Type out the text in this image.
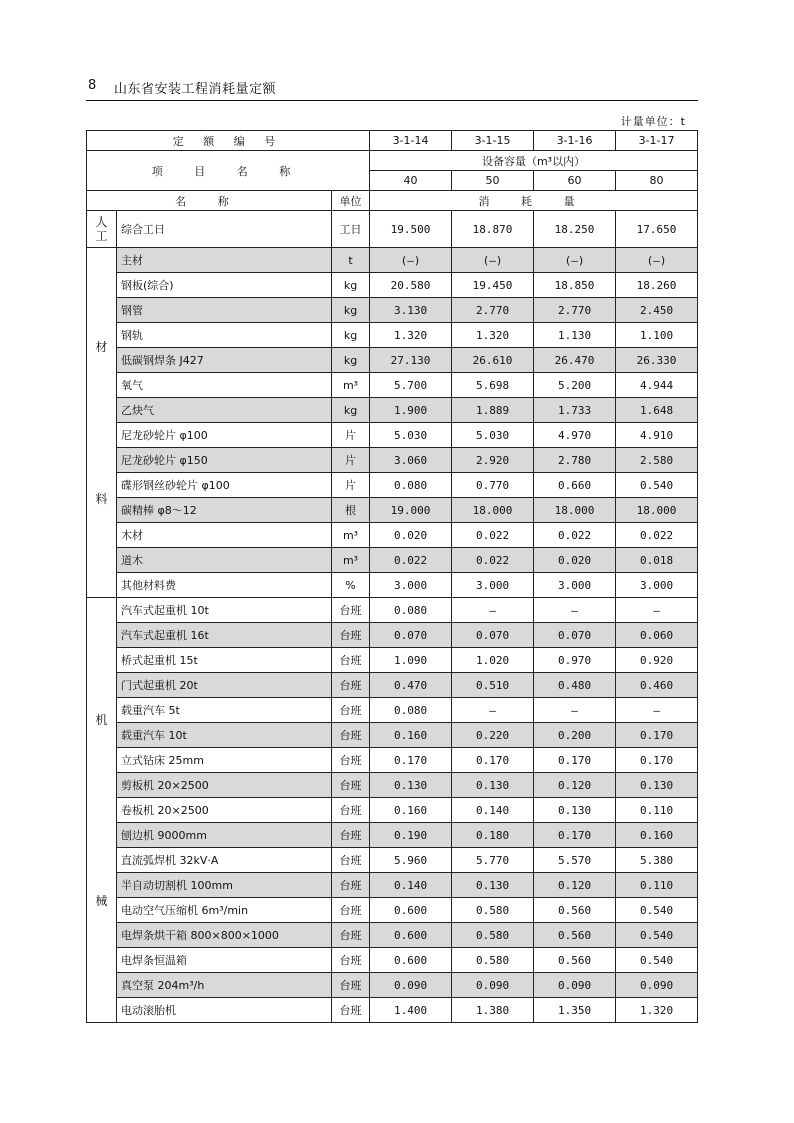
8 山东省安装工程消耗量定额
计量单位：t
定 额 编 号			3-1-14	3-1-15	3-1-16	3-1-17
项 目 名 称			设备容量（m³以内）			
			40	50	60	80
名 称		单位	消 耗 量			
人工	综合工日	工日	19.500	18.870	18.250	17.650

材
料	主材	t	(—)	(—)	(—)	(—)
	钢板(综合)	kg	20.580	19.450	18.850	18.260
	钢管	kg	3.130	2.770	2.770	2.450
	钢轨	kg	1.320	1.320	1.130	1.100
	低碳钢焊条 J427	kg	27.130	26.610	26.470	26.330
	氧气	m³	5.700	5.698	5.200	4.944
	乙炔气	kg	1.900	1.889	1.733	1.648
	尼龙砂轮片 φ100	片	5.030	5.030	4.970	4.910
	尼龙砂轮片 φ150	片	3.060	2.920	2.780	2.580
	碟形钢丝砂轮片 φ100	片	0.080	0.770	0.660	0.540
	碳精棒 φ8～12	根	19.000	18.000	18.000	18.000
	木材	m³	0.020	0.022	0.022	0.022
	道木	m³	0.022	0.022	0.020	0.018
	其他材料费	%	3.000	3.000	3.000	3.000

机
械	汽车式起重机 10t	台班	0.080	—	—	—
	汽车式起重机 16t	台班	0.070	0.070	0.070	0.060
	桥式起重机 15t	台班	1.090	1.020	0.970	0.920
	门式起重机 20t	台班	0.470	0.510	0.480	0.460
	载重汽车 5t	台班	0.080	—	—	—
	载重汽车 10t	台班	0.160	0.220	0.200	0.170
	立式钻床 25mm	台班	0.170	0.170	0.170	0.170
	剪板机 20×2500	台班	0.130	0.130	0.120	0.130
	卷板机 20×2500	台班	0.160	0.140	0.130	0.110
	刨边机 9000mm	台班	0.190	0.180	0.170	0.160
	直流弧焊机 32kV·A	台班	5.960	5.770	5.570	5.380
	半自动切割机 100mm	台班	0.140	0.130	0.120	0.110
	电动空气压缩机 6m³/min	台班	0.600	0.580	0.560	0.540
	电焊条烘干箱 800×800×1000	台班	0.600	0.580	0.560	0.540
	电焊条恒温箱	台班	0.600	0.580	0.560	0.540
	真空泵 204m³/h	台班	0.090	0.090	0.090	0.090
	电动滚胎机	台班	1.400	1.380	1.350	1.320
